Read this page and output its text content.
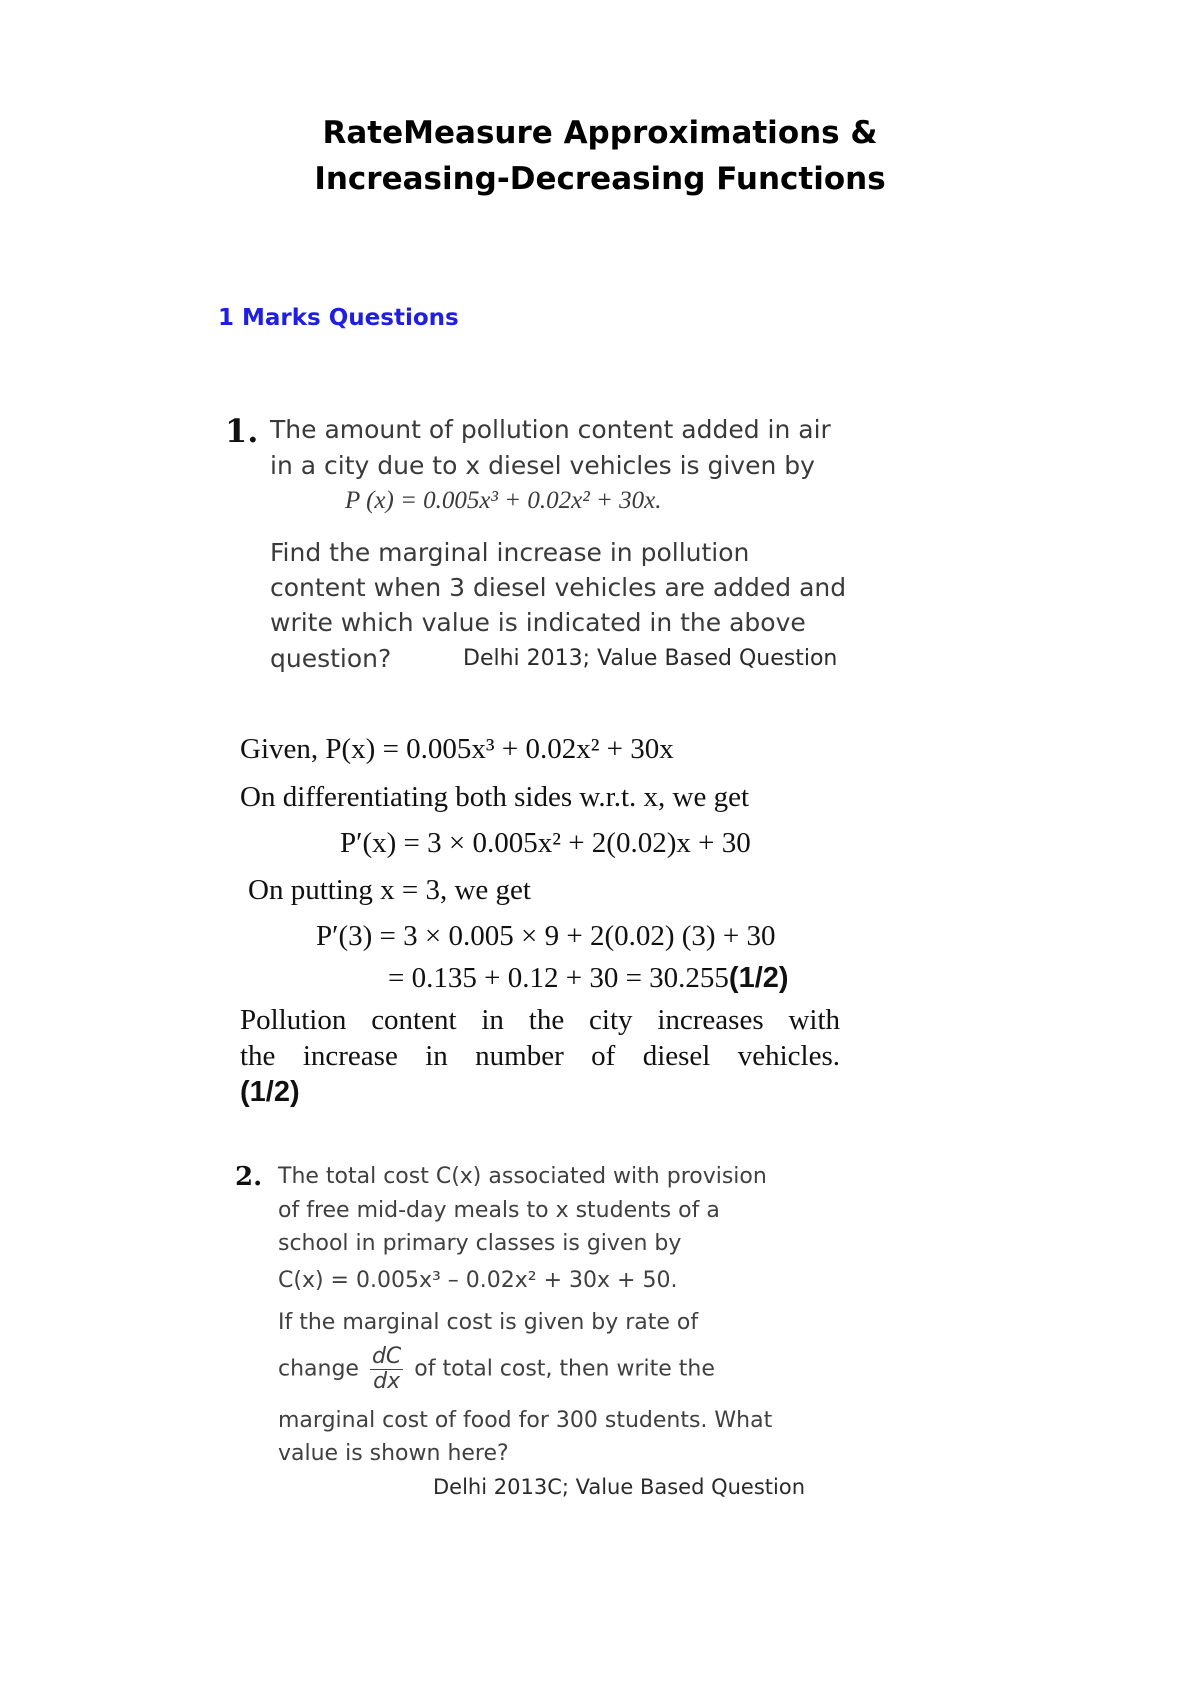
RateMeasure Approximations &
Increasing-Decreasing Functions
1 Marks Questions
1. The amount of pollution content added in air
in a city due to x diesel vehicles is given by
P (x) = 0.005x³ + 0.02x² + 30x.
Find the marginal increase in pollution
content when 3 diesel vehicles are added and
write which value is indicated in the above
question?	Delhi 2013; Value Based Question
Given, P(x) = 0.005x³ + 0.02x² + 30x
On differentiating both sides w.r.t. x, we get
P′(x) = 3 × 0.005x² + 2(0.02)x + 30
On putting x = 3, we get
P′(3) = 3 × 0.005 × 9 + 2(0.02) (3) + 30
= 0.135 + 0.12 + 30 = 30.255(1/2)
Pollution content in the city increases with
the increase in number of diesel vehicles.
(1/2)
2. The total cost C(x) associated with provision
of free mid-day meals to x students of a
school in primary classes is given by
C(x) = 0.005x³ – 0.02x² + 30x + 50.
If the marginal cost is given by rate of
change $\frac{dC}{dx}$ of total cost, then write the
marginal cost of food for 300 students. What
value is shown here?
Delhi 2013C; Value Based Question
